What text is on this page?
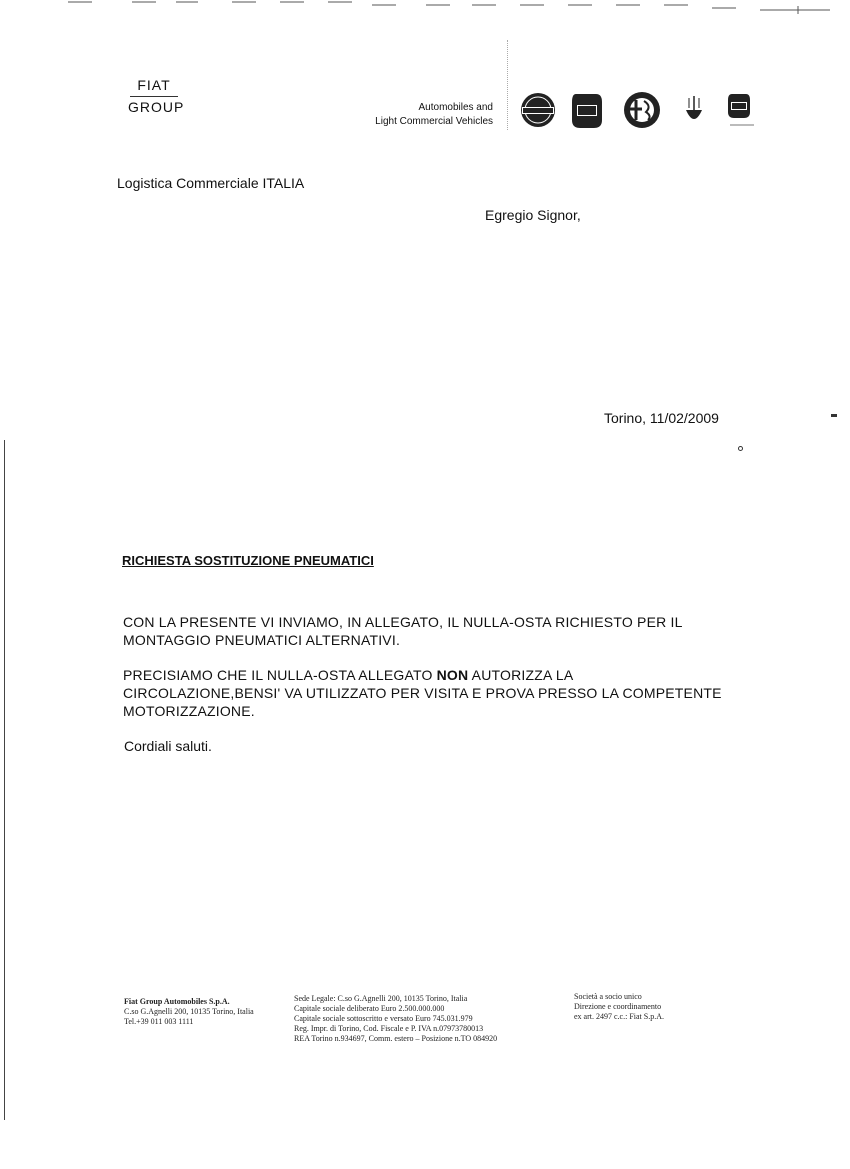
FIAT
GROUP	Automobiles and
Light Commercial Vehicles
Logistica Commerciale ITALIA
Egregio Signor,
Torino, 11/02/2009
RICHIESTA SOSTITUZIONE PNEUMATICI
CON LA PRESENTE VI INVIAMO, IN ALLEGATO, IL NULLA-OSTA RICHIESTO PER IL MONTAGGIO PNEUMATICI ALTERNATIVI.
PRECISIAMO CHE IL NULLA-OSTA ALLEGATO NON AUTORIZZA LA CIRCOLAZIONE,BENSI' VA UTILIZZATO PER VISITA E PROVA PRESSO LA COMPETENTE MOTORIZZAZIONE.
Cordiali saluti.
Fiat Group Automobiles S.p.A.
C.so G.Agnelli 200, 10135 Torino, Italia
Tel.+39 011 003 1111
Sede Legale: C.so G.Agnelli 200, 10135 Torino, Italia
Capitale sociale deliberato Euro 2.500.000.000
Capitale sociale sottoscritto e versato Euro 745.031.979
Reg. Impr. di Torino, Cod. Fiscale e P. IVA n.07973780013
REA Torino n.934697, Comm. estero – Posizione n.TO 084920
Società a socio unico
Direzione e coordinamento
ex art. 2497 c.c.: Fiat S.p.A.
